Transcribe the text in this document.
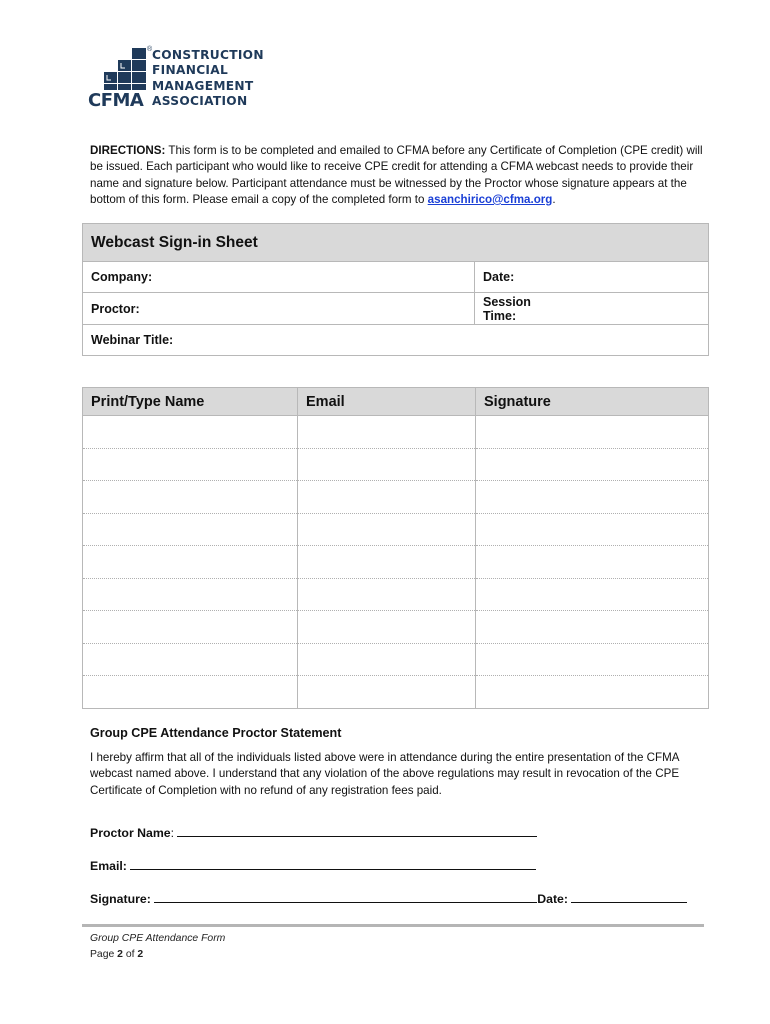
®
CFMA
CONSTRUCTION
FINANCIAL
MANAGEMENT
ASSOCIATION
DIRECTIONS: This form is to be completed and emailed to CFMA before any Certificate of Completion (CPE credit) will be issued. Each participant who would like to receive CPE credit for attending a CFMA webcast needs to provide their name and signature below. Participant attendance must be witnessed by the Proctor whose signature appears at the bottom of this form. Please email a copy of the completed form to asanchirico@cfma.org.
Webcast Sign-in Sheet	
Company:	Date:
Proctor:	Session
Time:

Webinar Title:	
Print/Type Name	Email	Signature

Group CPE Attendance Proctor Statement
I hereby affirm that all of the individuals listed above were in attendance during the entire presentation of the CFMA webcast named above. I understand that any violation of the above regulations may result in revocation of the CPE Certificate of Completion with no refund of any registration fees paid.
Proctor Name:
Email:
Signature:	Date:
Group CPE Attendance Form
Page 2 of 2
